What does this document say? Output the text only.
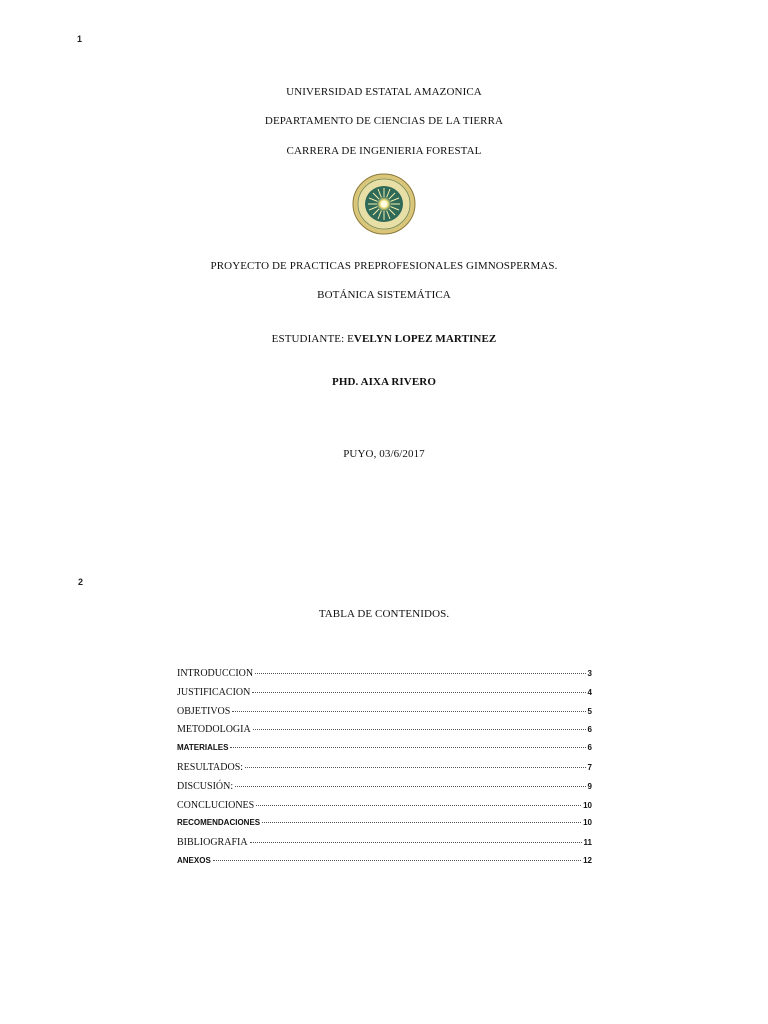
1
UNIVERSIDAD ESTATAL AMAZONICA
DEPARTAMENTO DE CIENCIAS DE LA TIERRA
CARRERA DE INGENIERIA FORESTAL
PROYECTO DE PRACTICAS PREPROFESIONALES GIMNOSPERMAS.
BOTÁNICA SISTEMÁTICA
ESTUDIANTE: EVELYN LOPEZ MARTINEZ
PHD. AIXA RIVERO
PUYO, 03/6/2017
2
TABLA DE CONTENIDOS.
INTRODUCCION	3
JUSTIFICACION	4
OBJETIVOS	5
METODOLOGIA	6
MATERIALES	6
RESULTADOS:	7
DISCUSIÓN:	9
CONCLUCIONES	10
RECOMENDACIONES	10
BIBLIOGRAFIA	11
ANEXOS	12
